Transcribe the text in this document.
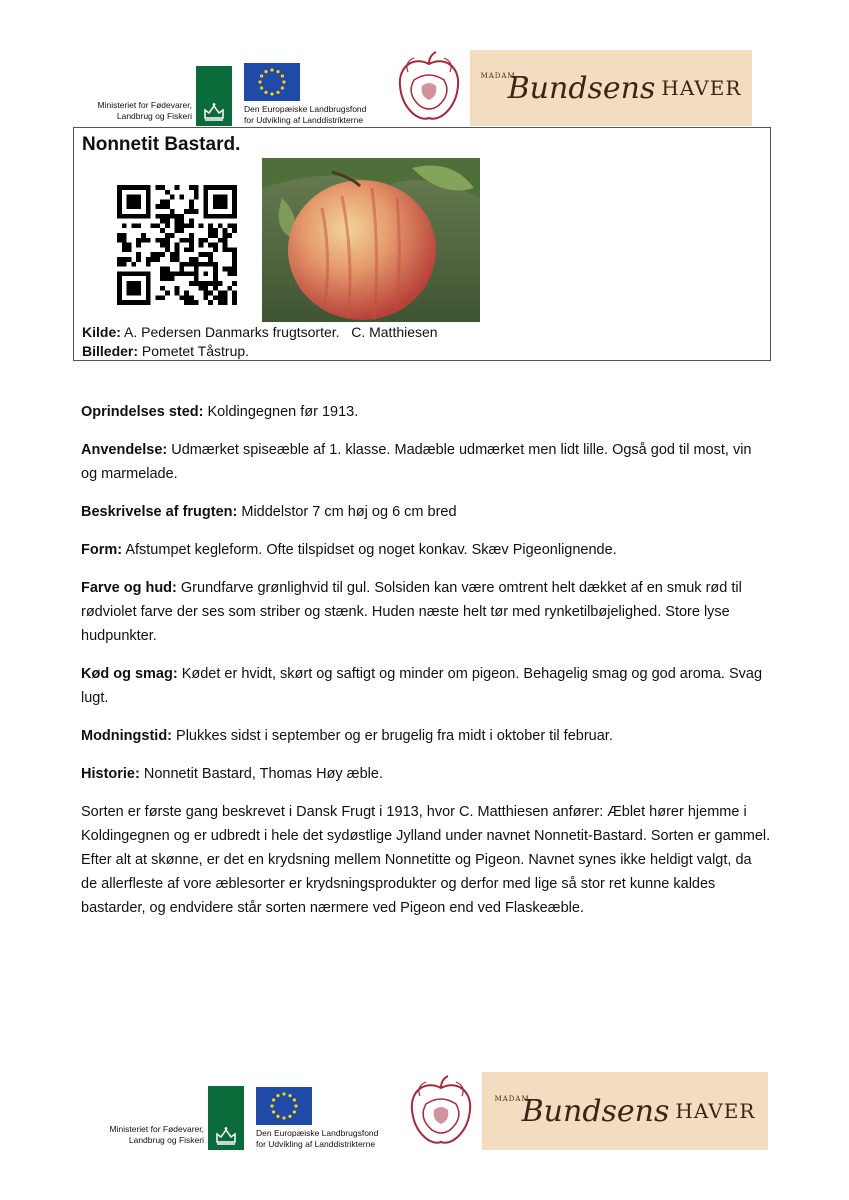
Ministeriet for Fødevarer,
Landbrug og Fiskeri
Den Europæiske Landbrugsfond
for Udvikling af Landdistrikterne
MADAM
Bundsens HAVER
Nonnetit Bastard.
Kilde: A. Pedersen Danmarks frugtsorter.   C. Matthiesen
Billeder: Pometet Tåstrup.

Oprindelses sted: Koldingegnen før 1913.

Anvendelse: Udmærket spiseæble af 1. klasse. Madæble udmærket men lidt lille. Også god til most, vin og marmelade.

Beskrivelse af frugten: Middelstor 7 cm høj og 6 cm bred

Form: Afstumpet kegleform. Ofte tilspidset og noget konkav. Skæv Pigeonlignende.

Farve og hud: Grundfarve grønlighvid til gul. Solsiden kan være omtrent helt dækket af en smuk rød til rødviolet farve der ses som striber og stænk. Huden næste helt tør med rynketilbøjelighed. Store lyse hudpunkter.

Kød og smag: Kødet er hvidt, skørt og saftigt og minder om pigeon. Behagelig smag og god aroma. Svag lugt.

Modningstid: Plukkes sidst i september og er brugelig fra midt i oktober til februar.

Historie: Nonnetit Bastard, Thomas Høy æble.

Sorten er første gang beskrevet i Dansk Frugt i 1913, hvor C. Matthiesen anfører: Æblet hører hjemme i Koldingegnen og er udbredt i hele det sydøstlige Jylland under navnet Nonnetit-Bastard. Sorten er gammel. Efter alt at skønne, er det en krydsning mellem Nonnetitte og Pigeon. Navnet synes ikke heldigt valgt, da de allerfleste af vore æblesorter er krydsningsprodukter og derfor med lige så stor ret kunne kaldes bastarder, og endvidere står sorten nærmere ved Pigeon end ved Flaskeæble.

Ministeriet for Fødevarer,
Landbrug og Fiskeri
Den Europæiske Landbrugsfond
for Udvikling af Landdistrikterne
MADAM
Bundsens HAVER
